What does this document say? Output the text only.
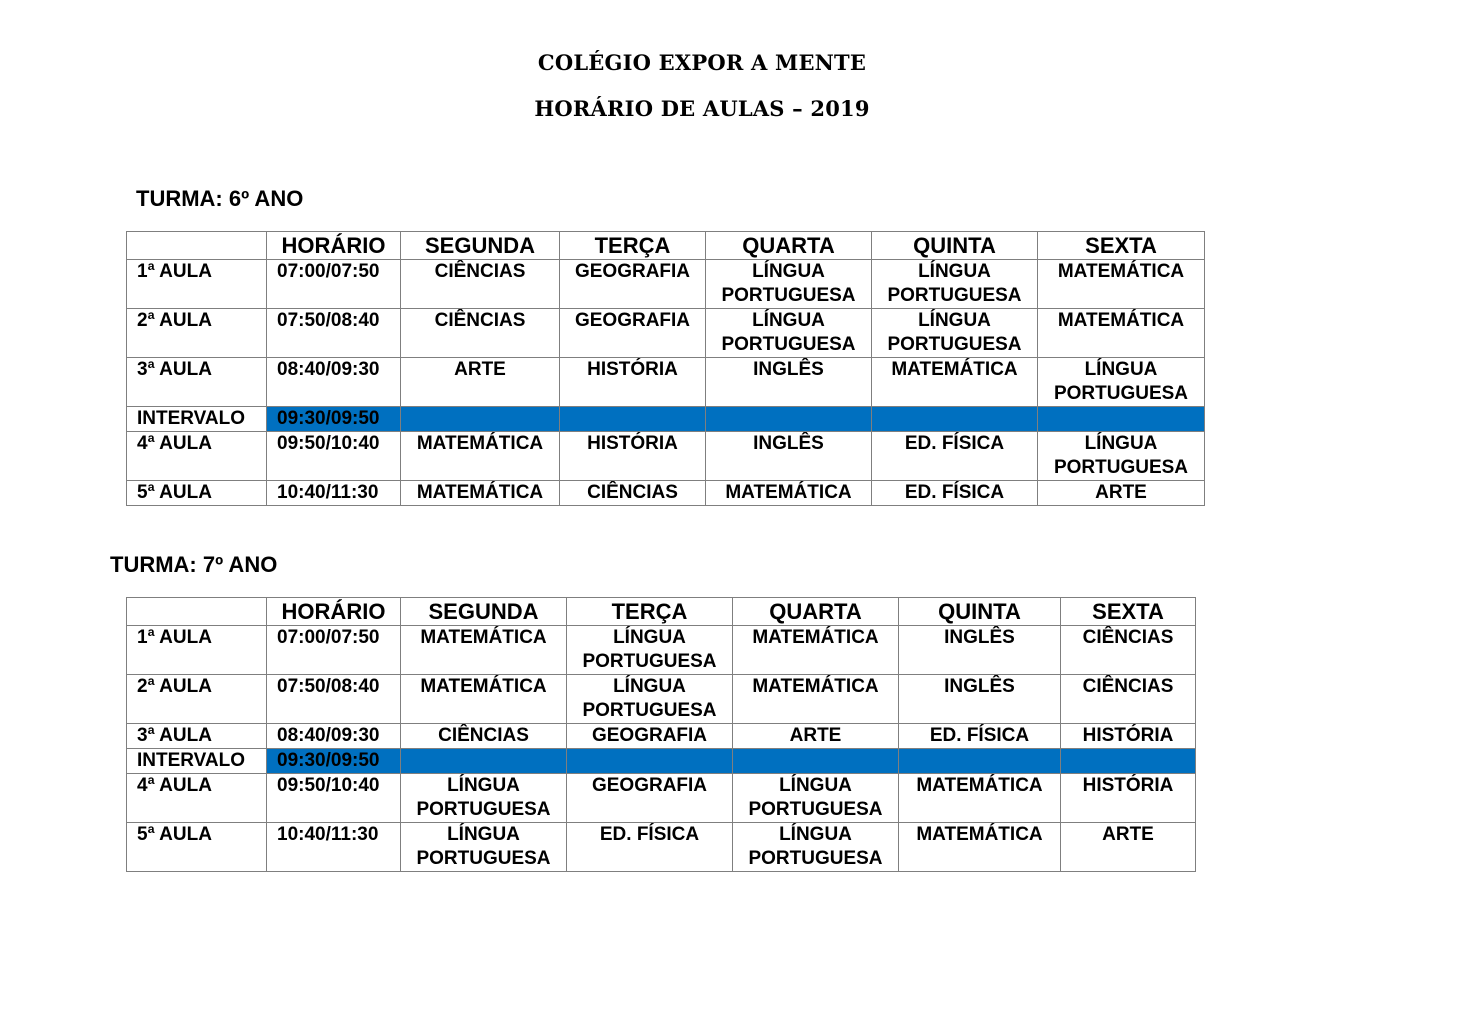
COLÉGIO EXPOR A MENTE
HORÁRIO DE AULAS – 2019
TURMA: 6º ANO
	HORÁRIO	SEGUNDA	TERÇA	QUARTA	QUINTA	SEXTA
1ª AULA	07:00/07:50	CIÊNCIAS	GEOGRAFIA	LÍNGUA PORTUGUESA	LÍNGUA PORTUGUESA	MATEMÁTICA
2ª AULA	07:50/08:40	CIÊNCIAS	GEOGRAFIA	LÍNGUA PORTUGUESA	LÍNGUA PORTUGUESA	MATEMÁTICA
3ª AULA	08:40/09:30	ARTE	HISTÓRIA	INGLÊS	MATEMÁTICA	LÍNGUA PORTUGUESA
INTERVALO	09:30/09:50					
4ª AULA	09:50/10:40	MATEMÁTICA	HISTÓRIA	INGLÊS	ED. FÍSICA	LÍNGUA PORTUGUESA
5ª AULA	10:40/11:30	MATEMÁTICA	CIÊNCIAS	MATEMÁTICA	ED. FÍSICA	ARTE
TURMA: 7º ANO
	HORÁRIO	SEGUNDA	TERÇA	QUARTA	QUINTA	SEXTA
1ª AULA	07:00/07:50	MATEMÁTICA	LÍNGUA PORTUGUESA	MATEMÁTICA	INGLÊS	CIÊNCIAS
2ª AULA	07:50/08:40	MATEMÁTICA	LÍNGUA PORTUGUESA	MATEMÁTICA	INGLÊS	CIÊNCIAS
3ª AULA	08:40/09:30	CIÊNCIAS	GEOGRAFIA	ARTE	ED. FÍSICA	HISTÓRIA
INTERVALO	09:30/09:50					
4ª AULA	09:50/10:40	LÍNGUA PORTUGUESA	GEOGRAFIA	LÍNGUA PORTUGUESA	MATEMÁTICA	HISTÓRIA
5ª AULA	10:40/11:30	LÍNGUA PORTUGUESA	ED. FÍSICA	LÍNGUA PORTUGUESA	MATEMÁTICA	ARTE
